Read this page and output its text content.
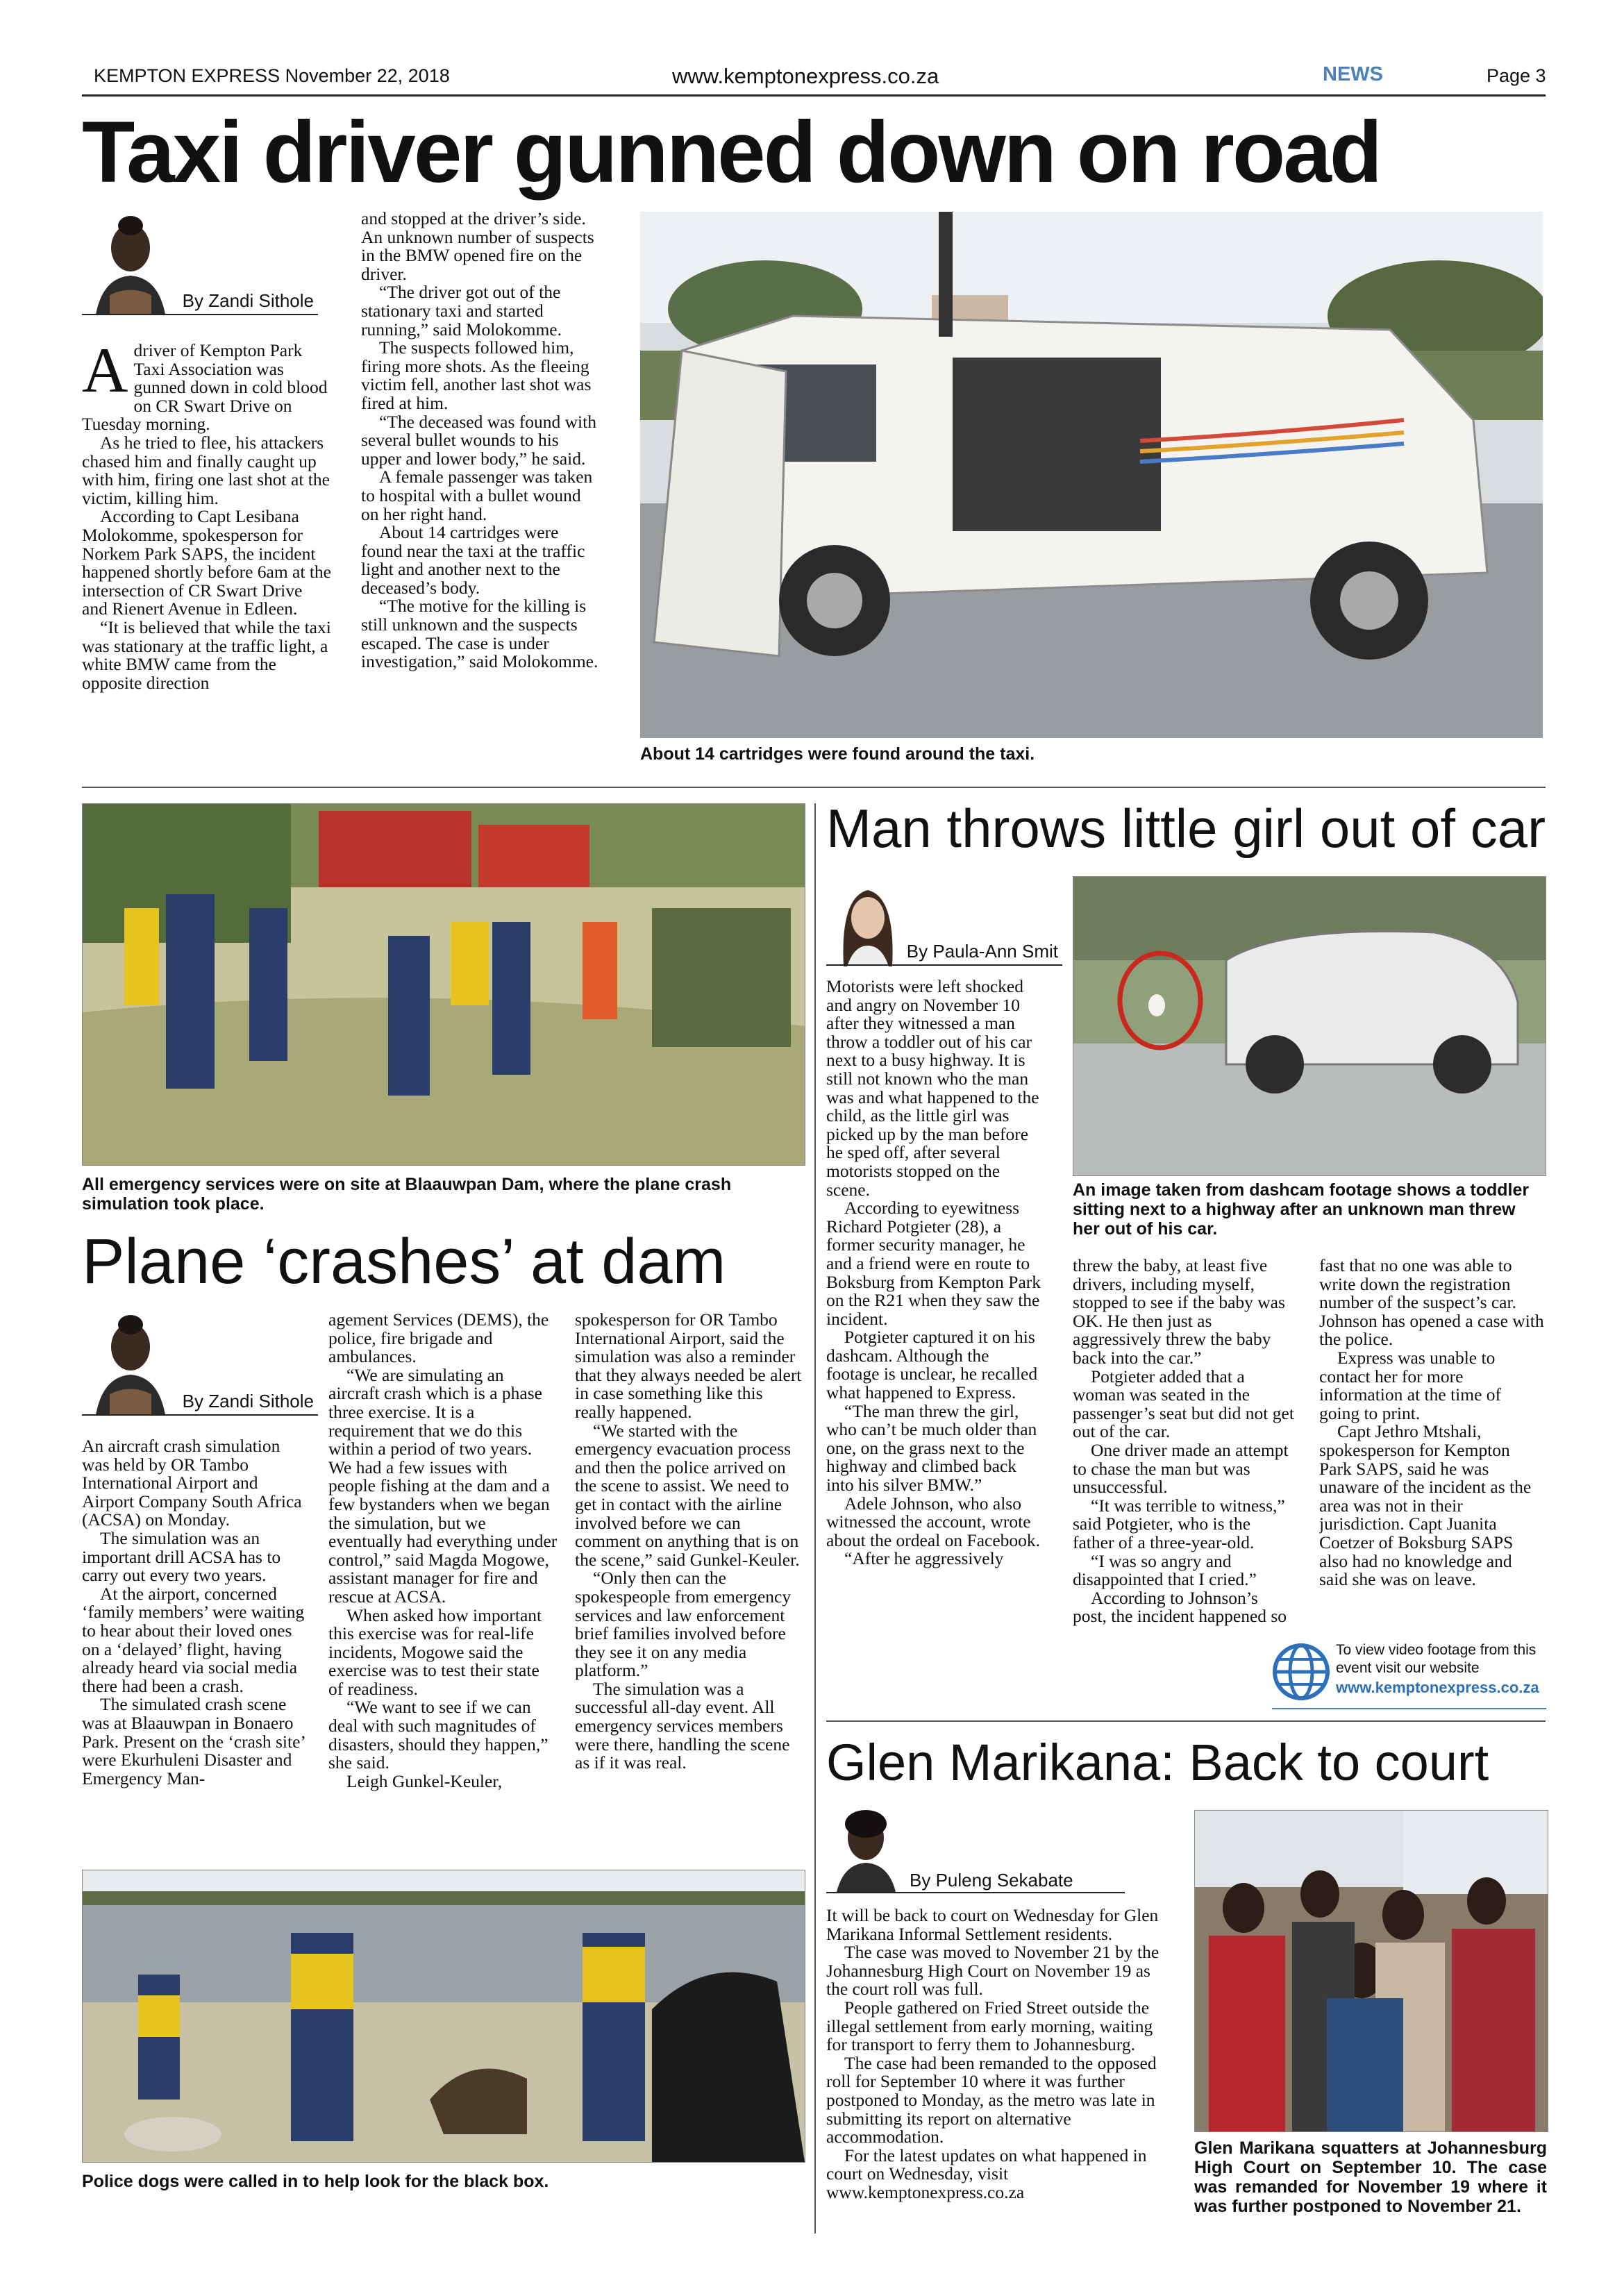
KEMPTON EXPRESS November 22, 2018	www.kemptonexpress.co.za	NEWS	Page 3
Taxi driver gunned down on road
By Zandi Sithole

A driver of Kempton Park Taxi Association was gunned down in cold blood on CR Swart Drive on Tuesday morning.

As he tried to flee, his attackers chased him and finally caught up with him, firing one last shot at the victim, killing him.

According to Capt Lesibana Molokomme, spokesperson for Norkem Park SAPS, the incident happened shortly before 6am at the intersection of CR Swart Drive and Rienert Avenue in Edleen.

“It is believed that while the taxi was stationary at the traffic light, a white BMW came from the opposite direction

and stopped at the driver’s side. An unknown number of suspects in the BMW opened fire on the driver.

“The driver got out of the stationary taxi and started running,” said Molokomme.

The suspects followed him, firing more shots. As the fleeing victim fell, another last shot was fired at him.

“The deceased was found with several bullet wounds to his upper and lower body,” he said.

A female passenger was taken to hospital with a bullet wound on her right hand.

About 14 cartridges were found near the taxi at the traffic light and another next to the deceased’s body.

“The motive for the killing is still unknown and the suspects escaped. The case is under investigation,” said Molokomme.

About 14 cartridges were found around the taxi.
All emergency services were on site at Blaauwpan Dam, where the plane crash simulation took place.
Plane ‘crashes’ at dam
By Zandi Sithole

An aircraft crash simulation was held by OR Tambo International Airport and Airport Company South Africa (ACSA) on Monday.

The simulation was an important drill ACSA has to carry out every two years.

At the airport, concerned ‘family members’ were waiting to hear about their loved ones on a ‘delayed’ flight, having already heard via social media there had been a crash.

The simulated crash scene was at Blaauwpan in Bonaero Park. Present on the ‘crash site’ were Ekurhuleni Disaster and Emergency Man-

agement Services (DEMS), the police, fire brigade and ambulances.

“We are simulating an aircraft crash which is a phase three exercise. It is a requirement that we do this within a period of two years. We had a few issues with people fishing at the dam and a few bystanders when we began the simulation, but we eventually had everything under control,” said Magda Mogowe, assistant manager for fire and rescue at ACSA.

When asked how important this exercise was for real-life incidents, Mogowe said the exercise was to test their state of readiness.

“We want to see if we can deal with such magnitudes of disasters, should they happen,” she said.

Leigh Gunkel-Keuler,

spokesperson for OR Tambo International Airport, said the simulation was also a reminder that they always needed be alert in case something like this really happened.

“We started with the emergency evacuation process and then the police arrived on the scene to assist. We need to get in contact with the airline involved before we can comment on anything that is on the scene,” said Gunkel-Keuler.

“Only then can the spokespeople from emergency services and law enforcement brief families involved before they see it on any media platform.”

The simulation was a successful all-day event. All emergency services members were there, handling the scene as if it was real.

Police dogs were called in to help look for the black box.
Man throws little girl out of car
By Paula-Ann Smit
An image taken from dashcam footage shows a toddler sitting next to a highway after an unknown man threw her out of his car.

Motorists were left shocked and angry on November 10 after they witnessed a man throw a toddler out of his car next to a busy highway. It is still not known who the man was and what happened to the child, as the little girl was picked up by the man before he sped off, after several motorists stopped on the scene.

According to eyewitness Richard Potgieter (28), a former security manager, he and a friend were en route to Boksburg from Kempton Park on the R21 when they saw the incident.

Potgieter captured it on his dashcam. Although the footage is unclear, he recalled what happened to Express.

“The man threw the girl, who can’t be much older than one, on the grass next to the highway and climbed back into his silver BMW.”

Adele Johnson, who also witnessed the account, wrote about the ordeal on Facebook.

“After he aggressively

threw the baby, at least five drivers, including myself, stopped to see if the baby was OK. He then just as aggressively threw the baby back into the car.”

Potgieter added that a woman was seated in the passenger’s seat but did not get out of the car.

One driver made an attempt to chase the man but was unsuccessful.

“It was terrible to witness,” said Potgieter, who is the father of a three-year-old.

“I was so angry and disappointed that I cried.”

According to Johnson’s post, the incident happened so

fast that no one was able to write down the registration number of the suspect’s car. Johnson has opened a case with the police.

Express was unable to contact her for more information at the time of going to print.

Capt Jethro Mtshali, spokesperson for Kempton Park SAPS, said he was unaware of the incident as the area was not in their jurisdiction. Capt Juanita Coetzer of Boksburg SAPS also had no knowledge and said she was on leave.

To view video footage from this event visit our website
www.kemptonexpress.co.za
Glen Marikana: Back to court
By Puleng Sekabate

It will be back to court on Wednesday for Glen Marikana Informal Settlement residents.

The case was moved to November 21 by the Johannesburg High Court on November 19 as the court roll was full.

People gathered on Fried Street outside the illegal settlement from early morning, waiting for transport to ferry them to Johannesburg.

The case had been remanded to the opposed roll for September 10 where it was further postponed to Monday, as the metro was late in submitting its report on alternative accommodation.

For the latest updates on what happened in court on Wednesday, visit www.kemptonexpress.co.za

Glen Marikana squatters at Johannesburg High Court on September 10. The case was remanded for November 19 where it was further postponed to November 21.
